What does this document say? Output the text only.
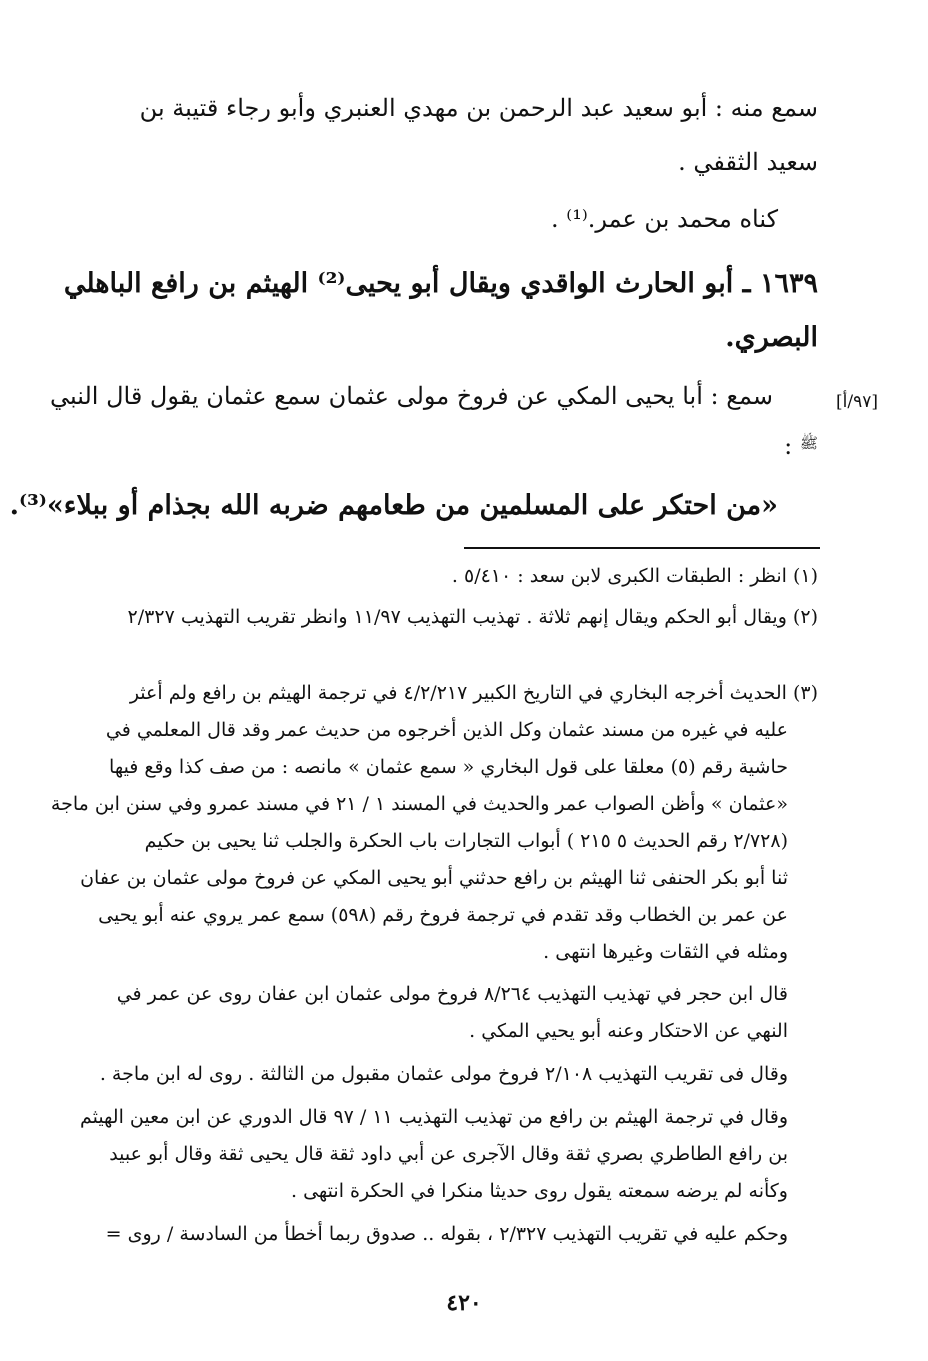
سمع منه : أبو سعيد عبد الرحمن بن مهدي العنبري وأبو رجاء قتيبة بن
سعيد الثقفي .
كناه محمد بن عمر.⁽¹⁾ .
١٦٣٩ ـ أبو الحارث الواقدي ويقال أبو يحيى⁽²⁾ الهيثم بن رافع الباهلي
البصري.
[٩٧/أ]
سمع : أبا يحيى المكي عن فروخ مولى عثمان سمع عثمان يقول قال النبي
$^ﷺ$ :
«من احتكر على المسلمين من طعامهم ضربه الله بجذام أو ببلاء»⁽³⁾.
(١) انظر : الطبقات الكبرى لابن سعد : ٥/٤١٠ .
(٢) ويقال أبو الحكم ويقال إنهم ثلاثة . تهذيب التهذيب ١١/٩٧ وانظر تقريب التهذيب ٢/٣٢٧
(٣) الحديث أخرجه البخاري في التاريخ الكبير ٤/٢/٢١٧ في ترجمة الهيثم بن رافع ولم أعثر
عليه في غيره من مسند عثمان وكل الذين أخرجوه من حديث عمر وقد قال المعلمي في
حاشية رقم (٥) معلقا على قول البخاري « سمع عثمان » مانصه : من صف كذا وقع فيها
«عثمان » وأظن الصواب عمر والحديث في المسند ١ / ٢١ في مسند عمرو وفي سنن ابن ماجة
(٢/٧٢٨ رقم الحديث ٥ ٢١٥ ) أبواب التجارات باب الحكرة والجلب ثنا يحيى بن حكيم
ثنا أبو بكر الحنفى ثنا الهيثم بن رافع حدثني أبو يحيى المكي عن فروخ مولى عثمان بن عفان
عن عمر بن الخطاب وقد تقدم في ترجمة فروخ رقم (٥٩٨) سمع عمر يروي عنه أبو يحيى
ومثله في الثقات وغيرها انتهى .
قال ابن حجر في تهذيب التهذيب ٨/٢٦٤ فروخ مولى عثمان ابن عفان روى عن عمر في
النهي عن الاحتكار وعنه أبو يحيي المكي .
وقال فى تقريب التهذيب ٢/١٠٨ فروخ مولى عثمان مقبول من الثالثة . روى له ابن ماجة .
وقال في ترجمة الهيثم بن رافع من تهذيب التهذيب ١١ / ٩٧ قال الدوري عن ابن معين الهيثم
بن رافع الطاطري بصري ثقة وقال الآجرى عن أبي داود ثقة قال يحيى ثقة وقال أبو عبيد
وكأنه لم يرضه سمعته يقول روى حديثا منكرا في الحكرة انتهى .
وحكم عليه في تقريب التهذيب ٢/٣٢٧ ، بقوله .. صدوق ربما أخطأ من السادسة / روى =
٤٢٠
